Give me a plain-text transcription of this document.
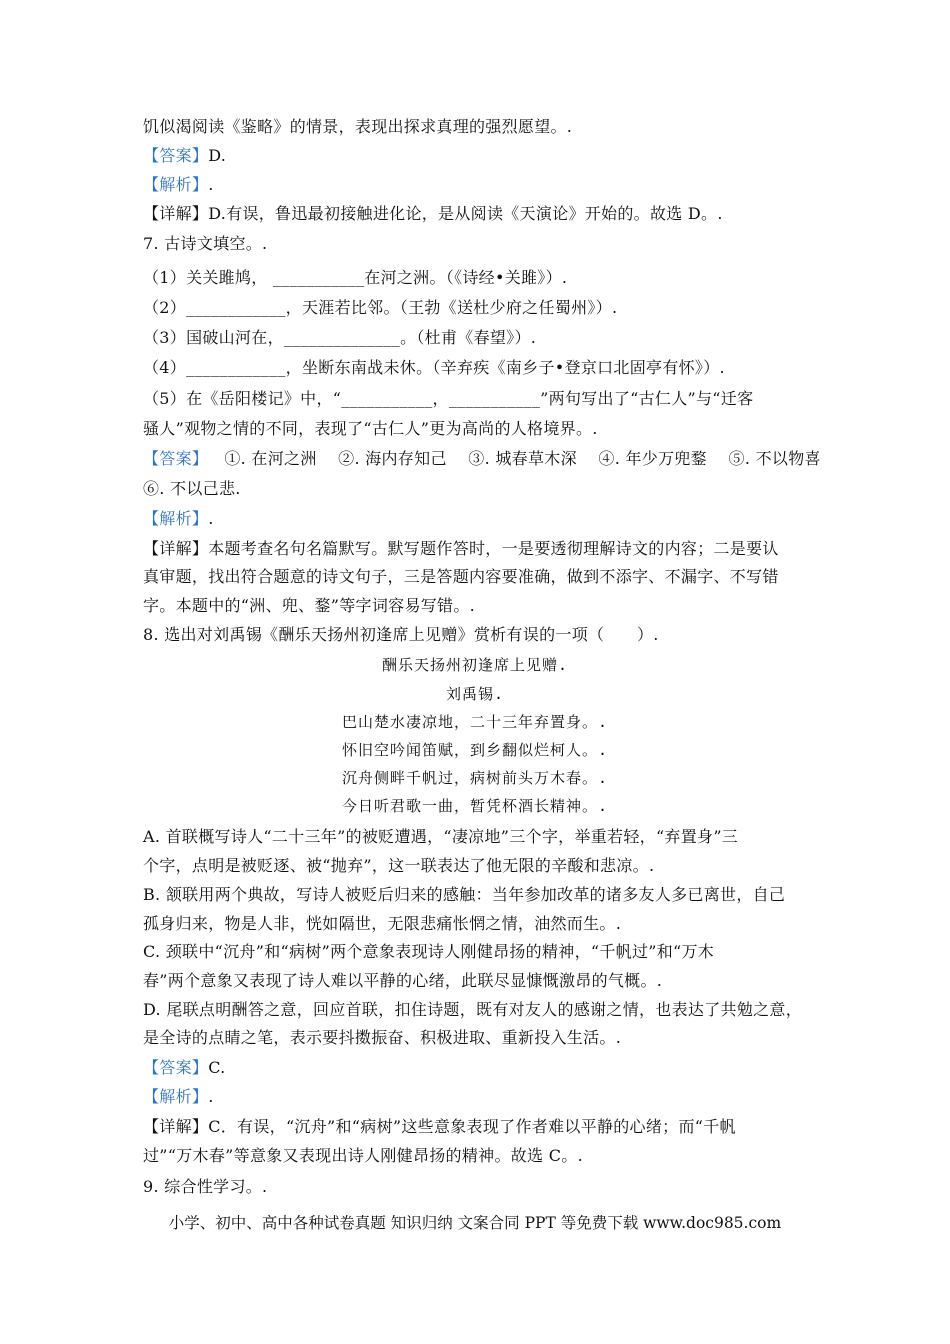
饥似渴阅读《鉴略》的情景，表现出探求真理的强烈愿望。.
【答案】D.
【解析】.
【详解】D.有误，鲁迅最初接触进化论，是从阅读《天演论》开始的。故选 D。.
7. 古诗文填空。.
（1）关关雎鸠， ___________在河之洲。（《诗经•关雎》）.
（2）____________，天涯若比邻。（王勃《送杜少府之任蜀州》）.
（3）国破山河在，______________。（杜甫《春望》）.
（4）____________，坐断东南战未休。（辛弃疾《南乡子•登京口北固亭有怀》）.
（5）在《岳阳楼记》中，“___________，___________”两句写出了“古仁人”与“迁客
骚人”观物之情的不同，表现了“古仁人”更为高尚的人格境界。.
【答案】   ①. 在河之洲    ②. 海内存知己    ③. 城春草木深    ④. 年少万兜鍪    ⑤. 不以物喜
⑥. 不以己悲.
【解析】.
【详解】本题考查名句名篇默写。默写题作答时，一是要透彻理解诗文的内容；二是要认
真审题，找出符合题意的诗文句子，三是答题内容要准确，做到不添字、不漏字、不写错
字。本题中的“洲、兜、鍪”等字词容易写错。.
8. 选出对刘禹锡《酬乐天扬州初逢席上见赠》赏析有误的一项（　　）.
酬乐天扬州初逢席上见赠.
刘禹锡.
巴山楚水凄凉地，二十三年弃置身。.
怀旧空吟闻笛赋，到乡翻似烂柯人。.
沉舟侧畔千帆过，病树前头万木春。.
今日听君歌一曲，暂凭杯酒长精神。.
A. 首联概写诗人“二十三年”的被贬遭遇，“凄凉地”三个字，举重若轻，“弃置身”三
个字，点明是被贬逐、被“抛弃”，这一联表达了他无限的辛酸和悲凉。.
B. 颔联用两个典故，写诗人被贬后归来的感触：当年参加改革的诸多友人多已离世，自己
孤身归来，物是人非，恍如隔世，无限悲痛怅惘之情，油然而生。.
C. 颈联中“沉舟”和“病树”两个意象表现诗人刚健昂扬的精神，“千帆过”和“万木
春”两个意象又表现了诗人难以平静的心绪，此联尽显慷慨激昂的气概。.
D. 尾联点明酬答之意，回应首联，扣住诗题，既有对友人的感谢之情，也表达了共勉之意，
是全诗的点睛之笔，表示要抖擞振奋、积极进取、重新投入生活。.
【答案】C.
【解析】.
【详解】C．有误，“沉舟”和“病树”这些意象表现了作者难以平静的心绪；而“千帆
过”“万木春”等意象又表现出诗人刚健昂扬的精神。故选 C。.
9. 综合性学习。.
小学、初中、高中各种试卷真题 知识归纳 文案合同 PPT 等免费下载 www.doc985.com
